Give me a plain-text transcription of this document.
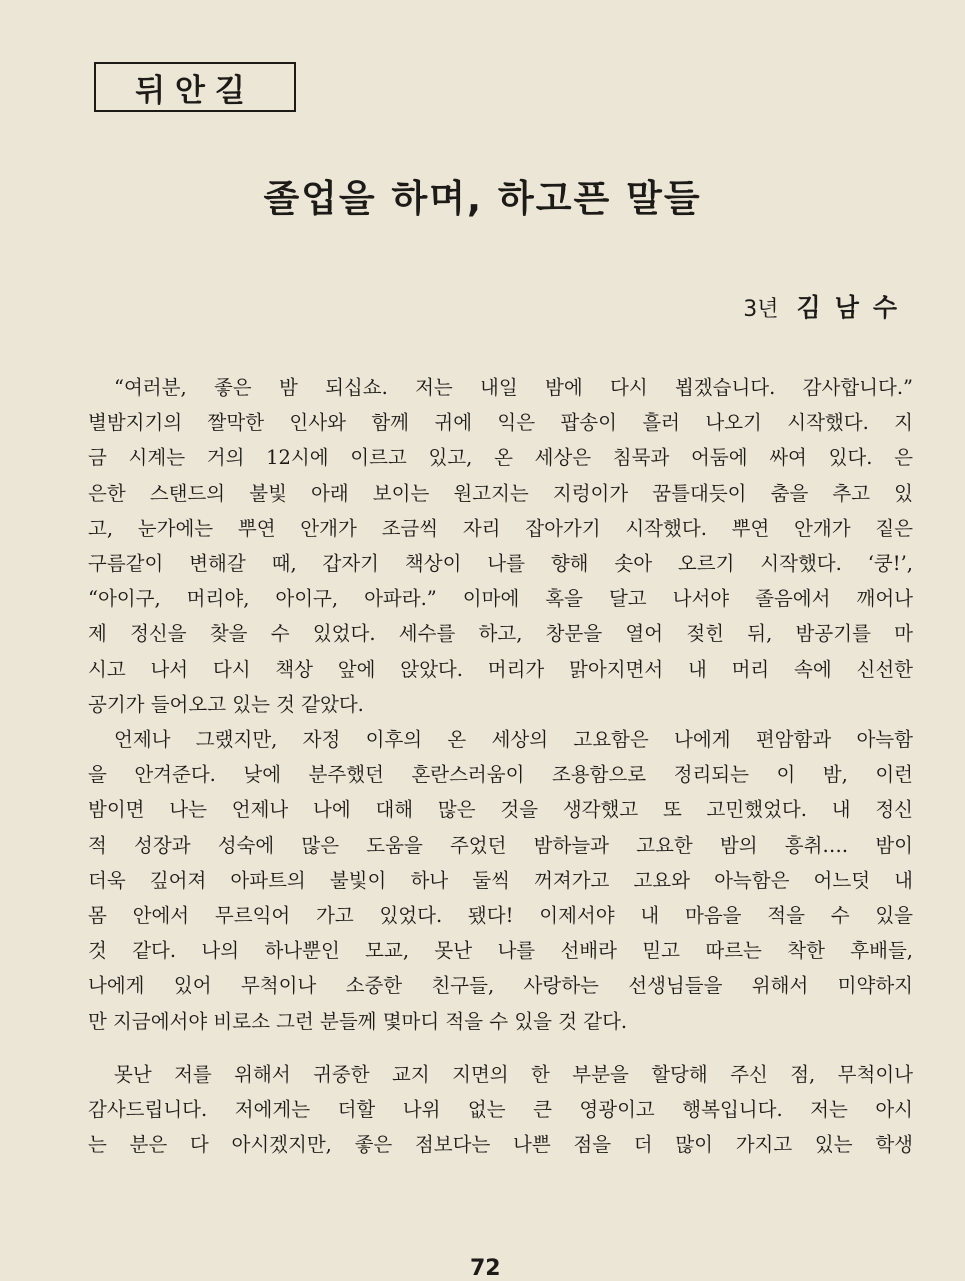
뒤안길
졸업을 하며, 하고픈 말들
3년 김남수
“여러분, 좋은 밤 되십쇼. 저는 내일 밤에 다시 뵙겠습니다. 감사합니다.”
별밤지기의 짤막한 인사와 함께 귀에 익은 팝송이 흘러 나오기 시작했다. 지
금 시계는 거의 12시에 이르고 있고, 온 세상은 침묵과 어둠에 싸여 있다. 은
은한 스탠드의 불빛 아래 보이는 원고지는 지렁이가 꿈틀대듯이 춤을 추고 있
고, 눈가에는 뿌연 안개가 조금씩 자리 잡아가기 시작했다. 뿌연 안개가 짙은
구름같이 변해갈 때, 갑자기 책상이 나를 향해 솟아 오르기 시작했다. ‘쿵!’,
“아이구, 머리야, 아이구, 아파라.” 이마에 혹을 달고 나서야 졸음에서 깨어나
제 정신을 찾을 수 있었다. 세수를 하고, 창문을 열어 젖힌 뒤, 밤공기를 마
시고 나서 다시 책상 앞에 앉았다. 머리가 맑아지면서 내 머리 속에 신선한
공기가 들어오고 있는 것 같았다.
언제나 그랬지만, 자정 이후의 온 세상의 고요함은 나에게 편암함과 아늑함
을 안겨준다. 낮에 분주했던 혼란스러움이 조용함으로 정리되는 이 밤, 이런
밤이면 나는 언제나 나에 대해 많은 것을 생각했고 또 고민했었다. 내 정신
적 성장과 성숙에 많은 도움을 주었던 밤하늘과 고요한 밤의 흥취…. 밤이
더욱 깊어져 아파트의 불빛이 하나 둘씩 꺼져가고 고요와 아늑함은 어느덧 내
몸 안에서 무르익어 가고 있었다. 됐다! 이제서야 내 마음을 적을 수 있을
것 같다. 나의 하나뿐인 모교, 못난 나를 선배라 믿고 따르는 착한 후배들,
나에게 있어 무척이나 소중한 친구들, 사랑하는 선생님들을 위해서 미약하지
만 지금에서야 비로소 그런 분들께 몇마디 적을 수 있을 것 같다.
못난 저를 위해서 귀중한 교지 지면의 한 부분을 할당해 주신 점, 무척이나
감사드립니다. 저에게는 더할 나위 없는 큰 영광이고 행복입니다. 저는 아시
는 분은 다 아시겠지만, 좋은 점보다는 나쁜 점을 더 많이 가지고 있는 학생
72
